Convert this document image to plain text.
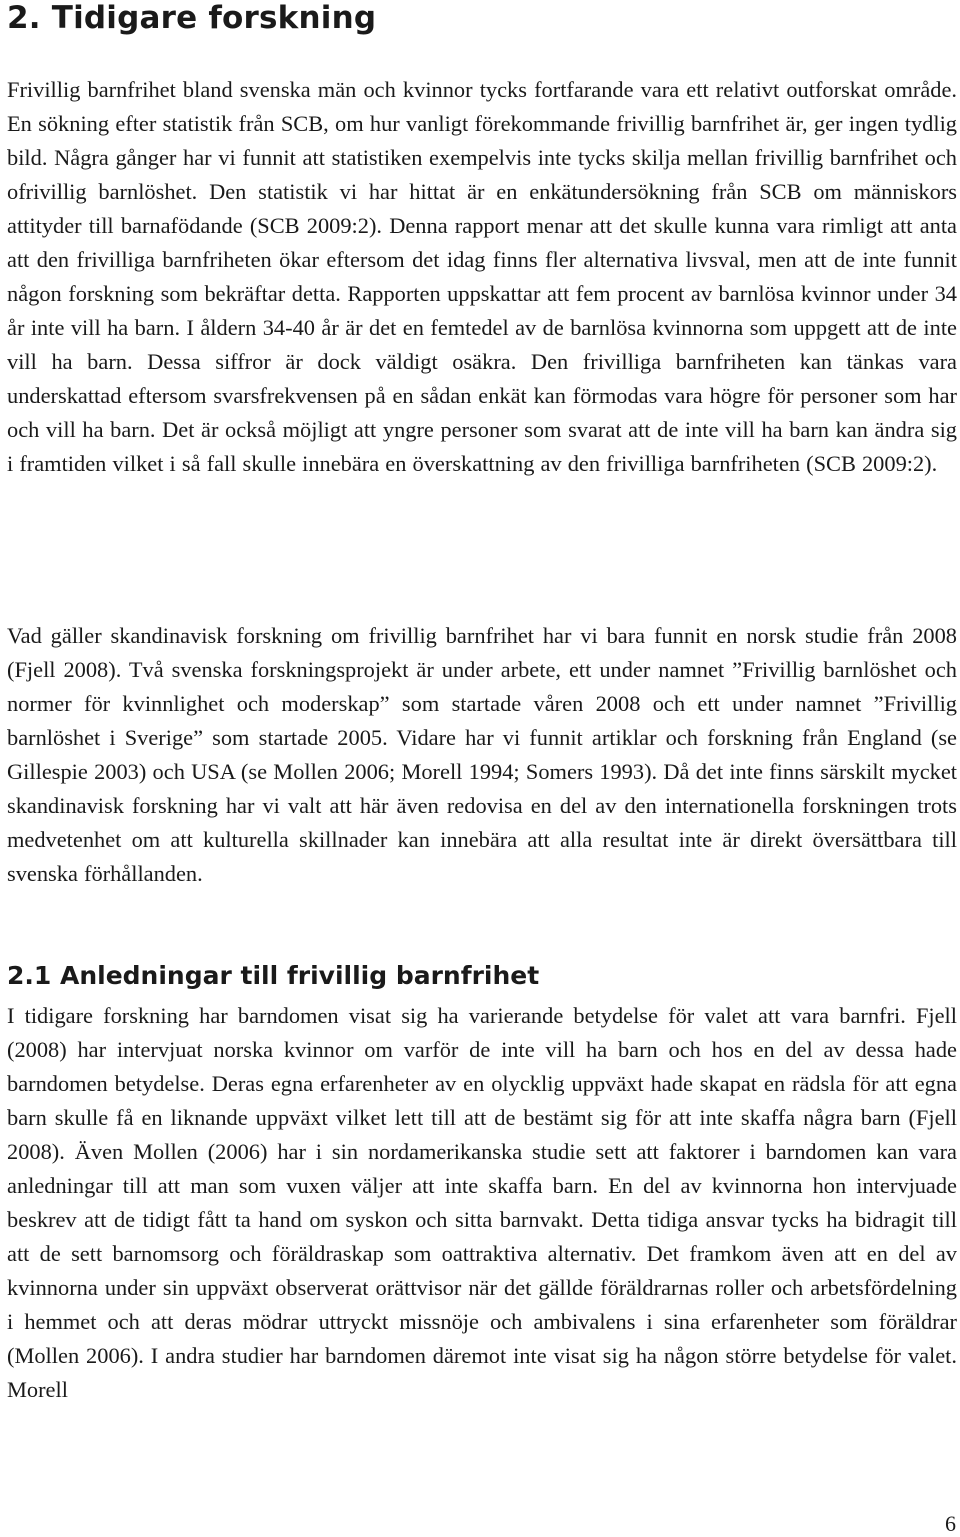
2. Tidigare forskning

Frivillig barnfrihet bland svenska män och kvinnor tycks fortfarande vara ett relativt outforskat område. En sökning efter statistik från SCB, om hur vanligt förekommande frivillig barnfrihet är, ger ingen tydlig bild. Några gånger har vi funnit att statistiken exempelvis inte tycks skilja mellan frivillig barnfrihet och ofrivillig barnlöshet. Den statistik vi har hittat är en enkätundersökning från SCB om människors attityder till barnafödande (SCB 2009:2). Denna rapport menar att det skulle kunna vara rimligt att anta att den frivilliga barnfriheten ökar eftersom det idag finns fler alternativa livsval, men att de inte funnit någon forskning som bekräftar detta. Rapporten uppskattar att fem procent av barnlösa kvinnor under 34 år inte vill ha barn. I åldern 34-40 år är det en femtedel av de barnlösa kvinnorna som uppgett att de inte vill ha barn. Dessa siffror är dock väldigt osäkra. Den frivilliga barnfriheten kan tänkas vara underskattad eftersom svarsfrekvensen på en sådan enkät kan förmodas vara högre för personer som har och vill ha barn. Det är också möjligt att yngre personer som svarat att de inte vill ha barn kan ändra sig i framtiden vilket i så fall skulle innebära en överskattning av den frivilliga barnfriheten (SCB 2009:2).

Vad gäller skandinavisk forskning om frivillig barnfrihet har vi bara funnit en norsk studie från 2008 (Fjell 2008). Två svenska forskningsprojekt är under arbete, ett under namnet ”Frivillig barnlöshet och normer för kvinnlighet och moderskap” som startade våren 2008 och ett under namnet ”Frivillig barnlöshet i Sverige” som startade 2005. Vidare har vi funnit artiklar och forskning från England (se Gillespie 2003) och USA (se Mollen 2006; Morell 1994; Somers 1993). Då det inte finns särskilt mycket skandinavisk forskning har vi valt att här även redovisa en del av den internationella forskningen trots medvetenhet om att kulturella skillnader kan innebära att alla resultat inte är direkt översättbara till svenska förhållanden.

2.1 Anledningar till frivillig barnfrihet

I tidigare forskning har barndomen visat sig ha varierande betydelse för valet att vara barnfri. Fjell (2008) har intervjuat norska kvinnor om varför de inte vill ha barn och hos en del av dessa hade barndomen betydelse. Deras egna erfarenheter av en olycklig uppväxt hade skapat en rädsla för att egna barn skulle få en liknande uppväxt vilket lett till att de bestämt sig för att inte skaffa några barn (Fjell 2008). Även Mollen (2006) har i sin nordamerikanska studie sett att faktorer i barndomen kan vara anledningar till att man som vuxen väljer att inte skaffa barn. En del av kvinnorna hon intervjuade beskrev att de tidigt fått ta hand om syskon och sitta barnvakt. Detta tidiga ansvar tycks ha bidragit till att de sett barnomsorg och föräldraskap som oattraktiva alternativ. Det framkom även att en del av kvinnorna under sin uppväxt observerat orättvisor när det gällde föräldrarnas roller och arbetsfördelning i hemmet och att deras mödrar uttryckt missnöje och ambivalens i sina erfarenheter som föräldrar (Mollen 2006). I andra studier har barndomen däremot inte visat sig ha någon större betydelse för valet. Morell

6
